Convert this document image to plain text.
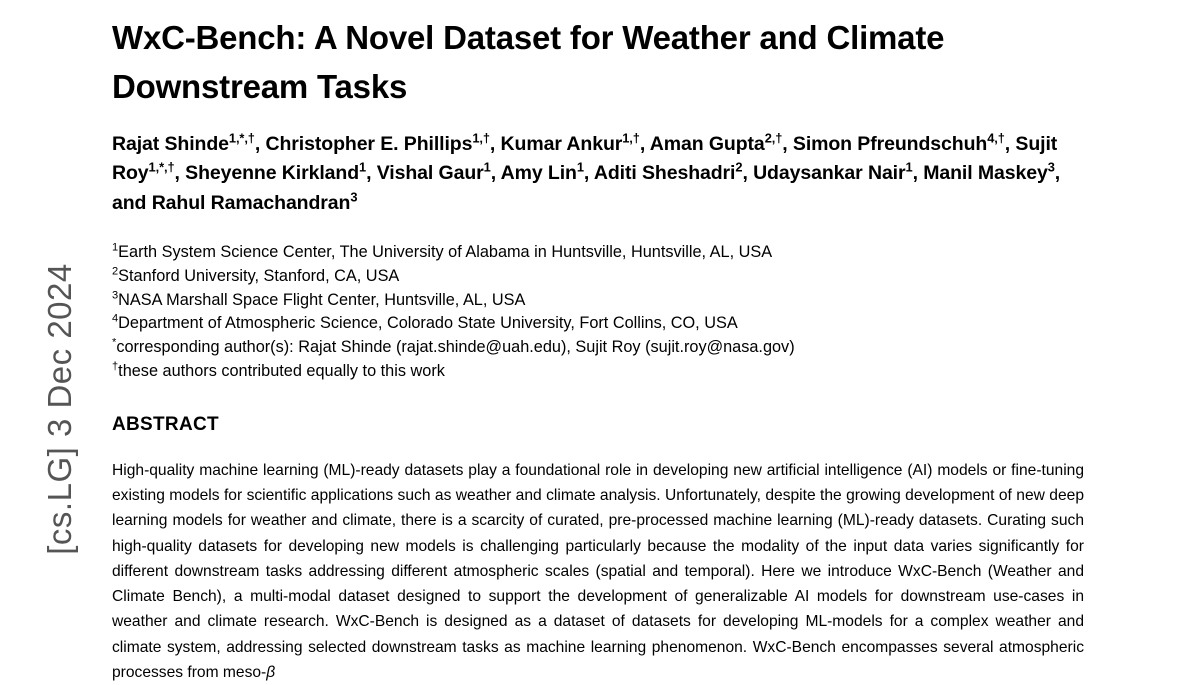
[cs.LG] 3 Dec 2024
WxC-Bench: A Novel Dataset for Weather and Climate Downstream Tasks
Rajat Shinde$^{1,*,\dagger}$, Christopher E. Phillips$^{1,\dagger}$, Kumar Ankur$^{1,\dagger}$, Aman Gupta$^{2,\dagger}$, Simon Pfreundschuh$^{4,\dagger}$, Sujit Roy$^{1,*,\dagger}$, Sheyenne Kirkland$^1$, Vishal Gaur$^1$, Amy Lin$^1$, Aditi Sheshadri$^2$, Udaysankar Nair$^1$, Manil Maskey$^3$, and Rahul Ramachandran$^3$
$^1$Earth System Science Center, The University of Alabama in Huntsville, Huntsville, AL, USA
$^2$Stanford University, Stanford, CA, USA
$^3$NASA Marshall Space Flight Center, Huntsville, AL, USA
$^4$Department of Atmospheric Science, Colorado State University, Fort Collins, CO, USA
*corresponding author(s): Rajat Shinde (rajat.shinde@uah.edu), Sujit Roy (sujit.roy@nasa.gov)
†these authors contributed equally to this work
ABSTRACT
High-quality machine learning (ML)-ready datasets play a foundational role in developing new artificial intelligence (AI) models or fine-tuning existing models for scientific applications such as weather and climate analysis. Unfortunately, despite the growing development of new deep learning models for weather and climate, there is a scarcity of curated, pre-processed machine learning (ML)-ready datasets. Curating such high-quality datasets for developing new models is challenging particularly because the modality of the input data varies significantly for different downstream tasks addressing different atmospheric scales (spatial and temporal). Here we introduce WxC-Bench (Weather and Climate Bench), a multi-modal dataset designed to support the development of generalizable AI models for downstream use-cases in weather and climate research. WxC-Bench is designed as a dataset of datasets for developing ML-models for a complex weather and climate system, addressing selected downstream tasks as machine learning phenomenon. WxC-Bench encompasses several atmospheric processes from meso-β
